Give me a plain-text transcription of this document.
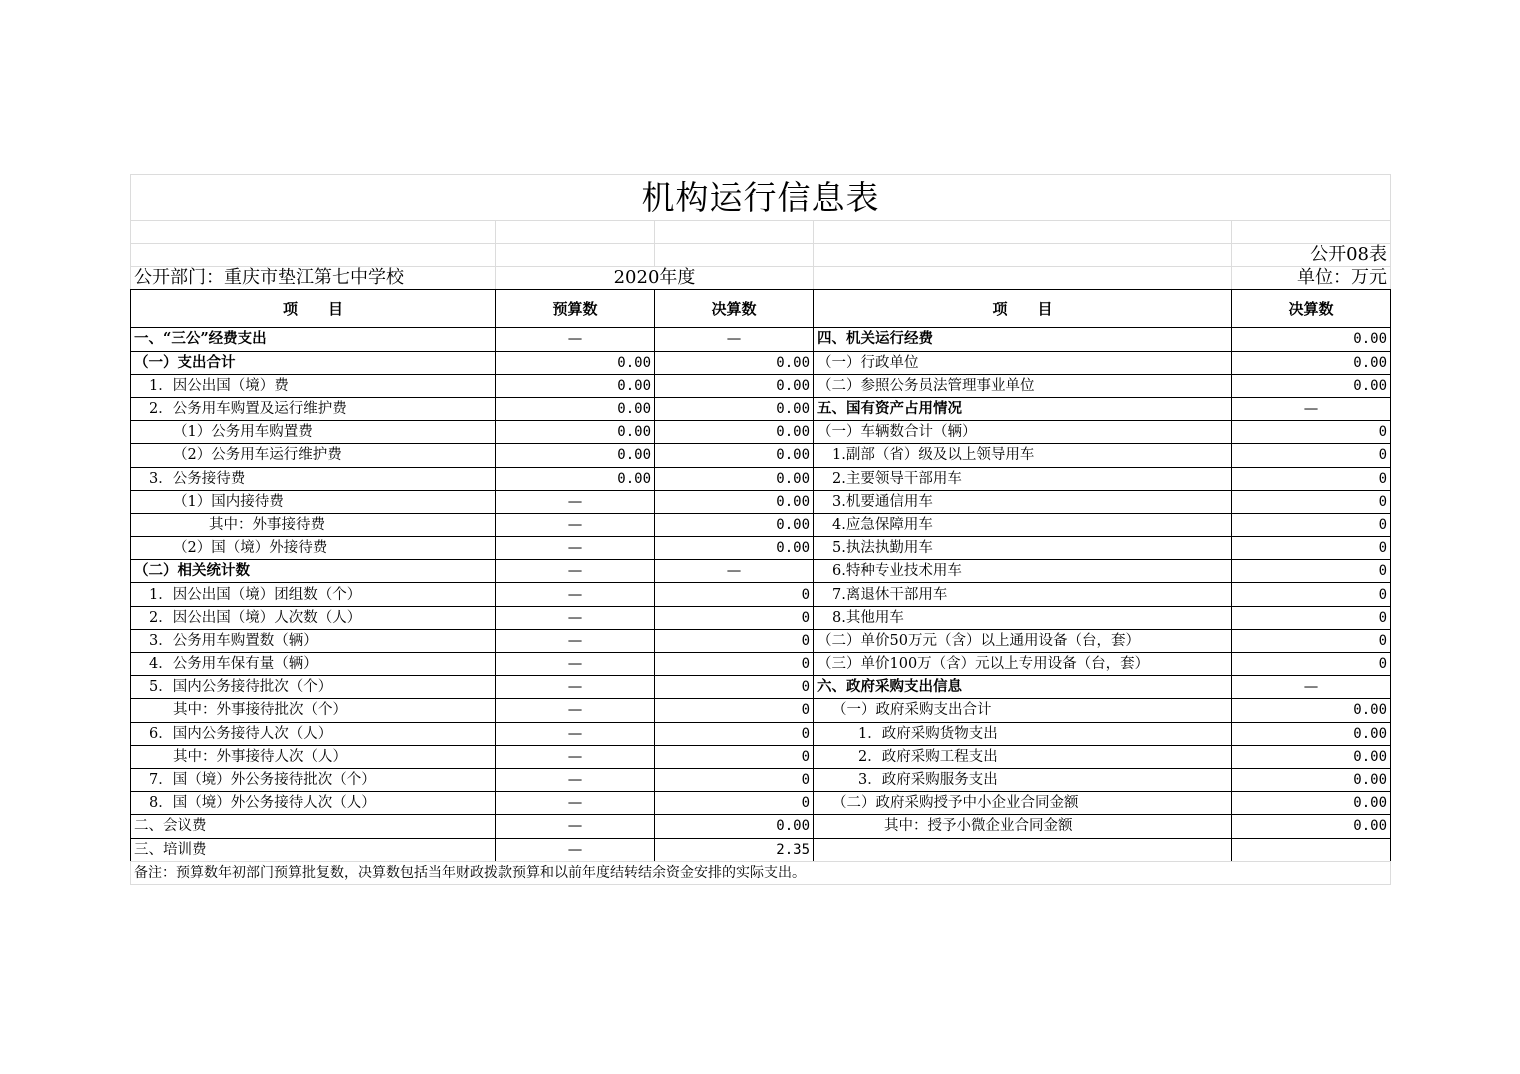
机构运行信息表				

				公开08表
公开部门：重庆市垫江第七中学校	2020年度			单位：万元
项　　目	预算数	决算数	项　　目	决算数
一、“三公”经费支出	—	—	四、机关运行经费	0.00
（一）支出合计	0.00	0.00	（一）行政单位	0.00
1．因公出国（境）费	0.00	0.00	（二）参照公务员法管理事业单位	0.00
2．公务用车购置及运行维护费	0.00	0.00	五、国有资产占用情况	—
（1）公务用车购置费	0.00	0.00	（一）车辆数合计（辆）	0
（2）公务用车运行维护费	0.00	0.00	1.副部（省）级及以上领导用车	0
3．公务接待费	0.00	0.00	2.主要领导干部用车	0
（1）国内接待费	—	0.00	3.机要通信用车	0
其中：外事接待费	—	0.00	4.应急保障用车	0
（2）国（境）外接待费	—	0.00	5.执法执勤用车	0
（二）相关统计数	—	—	6.特种专业技术用车	0
1．因公出国（境）团组数（个）	—	0	7.离退休干部用车	0
2．因公出国（境）人次数（人）	—	0	8.其他用车	0
3．公务用车购置数（辆）	—	0	（二）单价50万元（含）以上通用设备（台，套）	0
4．公务用车保有量（辆）	—	0	（三）单价100万（含）元以上专用设备（台，套）	0
5．国内公务接待批次（个）	—	0	六、政府采购支出信息	—
其中：外事接待批次（个）	—	0	（一）政府采购支出合计	0.00
6．国内公务接待人次（人）	—	0	1．政府采购货物支出	0.00
其中：外事接待人次（人）	—	0	2．政府采购工程支出	0.00
7．国（境）外公务接待批次（个）	—	0	3．政府采购服务支出	0.00
8．国（境）外公务接待人次（人）	—	0	（二）政府采购授予中小企业合同金额	0.00
二、会议费	—	0.00	其中：授予小微企业合同金额	0.00
三、培训费	—	2.35		
备注：预算数年初部门预算批复数，决算数包括当年财政拨款预算和以前年度结转结余资金安排的实际支出。
